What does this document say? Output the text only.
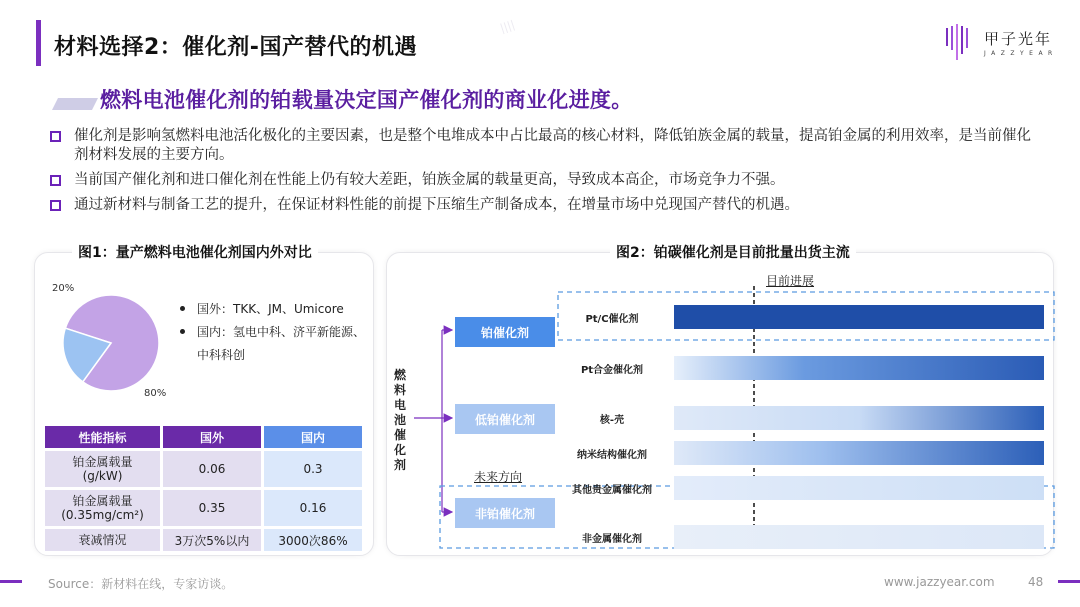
材料选择2：催化剂-国产替代的机遇	甲子光年
JAZZYEAR
燃料电池催化剂的铂载量决定国产催化剂的商业化进度。
催化剂是影响氢燃料电池活化极化的主要因素，也是整个电堆成本中占比最高的核心材料，降低铂族金属的载量，提高铂金属的利用效率，是当前催化剂材料发展的主要方向。
当前国产催化剂和进口催化剂在性能上仍有较大差距，铂族金属的载量更高，导致成本高企，市场竞争力不强。
通过新材料与制备工艺的提升，在保证材料性能的前提下压缩生产制备成本，在增量市场中兑现国产替代的机遇。
图1：量产燃料电池催化剂国内外对比
20%
80%
国外：TKK、JM、Umicore
国内：氢电中科、济平新能源、中科科创
性能指标	国外	国内
铂金属载量
(g/kW)	0.06	0.3
铂金属载量
(0.35mg/cm²)	0.35	0.16
衰减情况	3万次5%以内	3000次86%
图2：铂碳催化剂是目前批量出货主流
燃料电池催化剂
铂催化剂
低铂催化剂
非铂催化剂
目前进展
未来方向
Pt/C催化剂
Pt合金催化剂
核-壳
纳米结构催化剂
其他贵金属催化剂
非金属催化剂
||||
Source：新材料在线，专家访谈。	www.jazzyear.com	48
